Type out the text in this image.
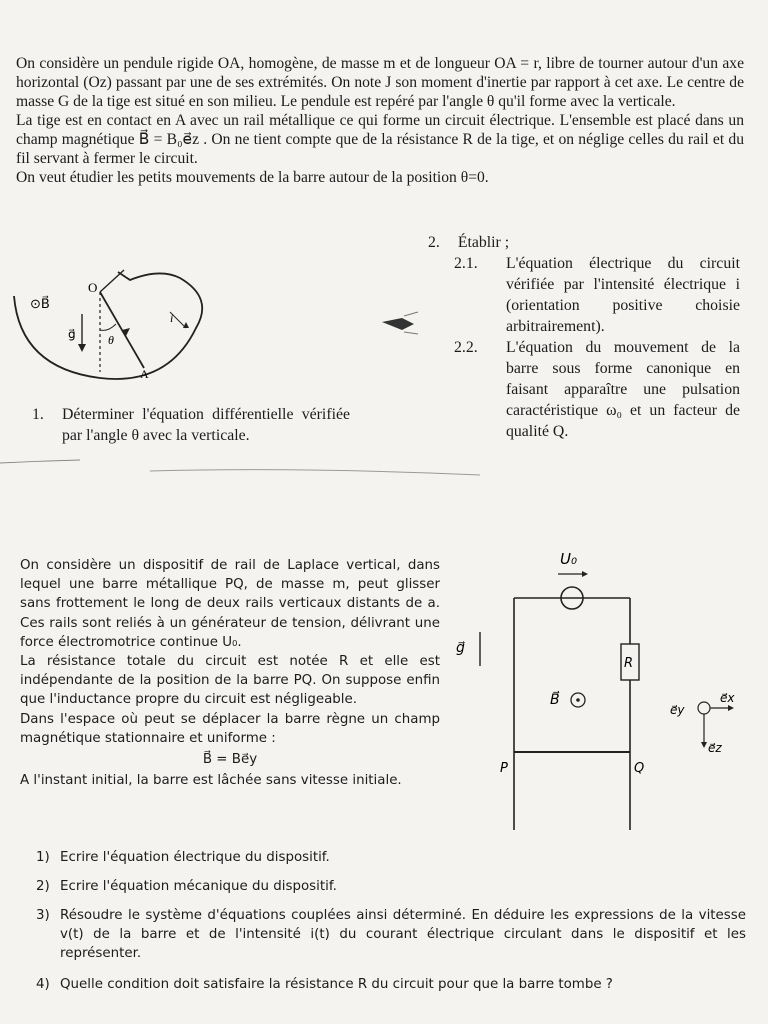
On considère un pendule rigide OA, homogène, de masse m et de longueur OA = r, libre de tourner autour d'un axe horizontal (Oz) passant par une de ses extrémités. On note J son moment d'inertie par rapport à cet axe. Le centre de masse G de la tige est situé en son milieu. Le pendule est repéré par l'angle θ qu'il forme avec la verticale.

La tige est en contact en A avec un rail métallique ce qui forme un circuit électrique. L'ensemble est placé dans un champ magnétique B⃗ = B₀e⃗z . On ne tient compte que de la résistance R de la tige, et on néglige celles du rail et du fil servant à fermer le circuit.

On veut étudier les petits mouvements de la barre autour de la position θ=0.

⊙B⃗
O
g⃗	θ
i
A
1. Déterminer l'équation différentielle vérifiée par l'angle θ avec la verticale.
2. Établir ;
2.1. L'équation électrique du circuit vérifiée par l'intensité électrique i (orientation positive choisie arbitrairement).
2.2. L'équation du mouvement de la barre sous forme canonique en faisant apparaître une pulsation caractéristique ω₀ et un facteur de qualité Q.

On considère un dispositif de rail de Laplace vertical, dans lequel une barre métallique PQ, de masse m, peut glisser sans frottement le long de deux rails verticaux distants de a. Ces rails sont reliés à un générateur de tension, délivrant une force électromotrice continue U₀.

La résistance totale du circuit est notée R et elle est indépendante de la position de la barre PQ. On suppose enfin que l'inductance propre du circuit est négligeable.

Dans l'espace où peut se déplacer la barre règne un champ magnétique stationnaire et uniforme :

B⃗ = Be⃗y

A l'instant initial, la barre est lâchée sans vitesse initiale.

U₀
R
P	Q
B⃗
g⃗
e⃗y
e⃗x
e⃗z
1) Ecrire l'équation électrique du dispositif.
2) Ecrire l'équation mécanique du dispositif.
3) Résoudre le système d'équations couplées ainsi déterminé. En déduire les expressions de la vitesse v(t) de la barre et de l'intensité i(t) du courant électrique circulant dans le dispositif et les représenter.
4) Quelle condition doit satisfaire la résistance R du circuit pour que la barre tombe ?
